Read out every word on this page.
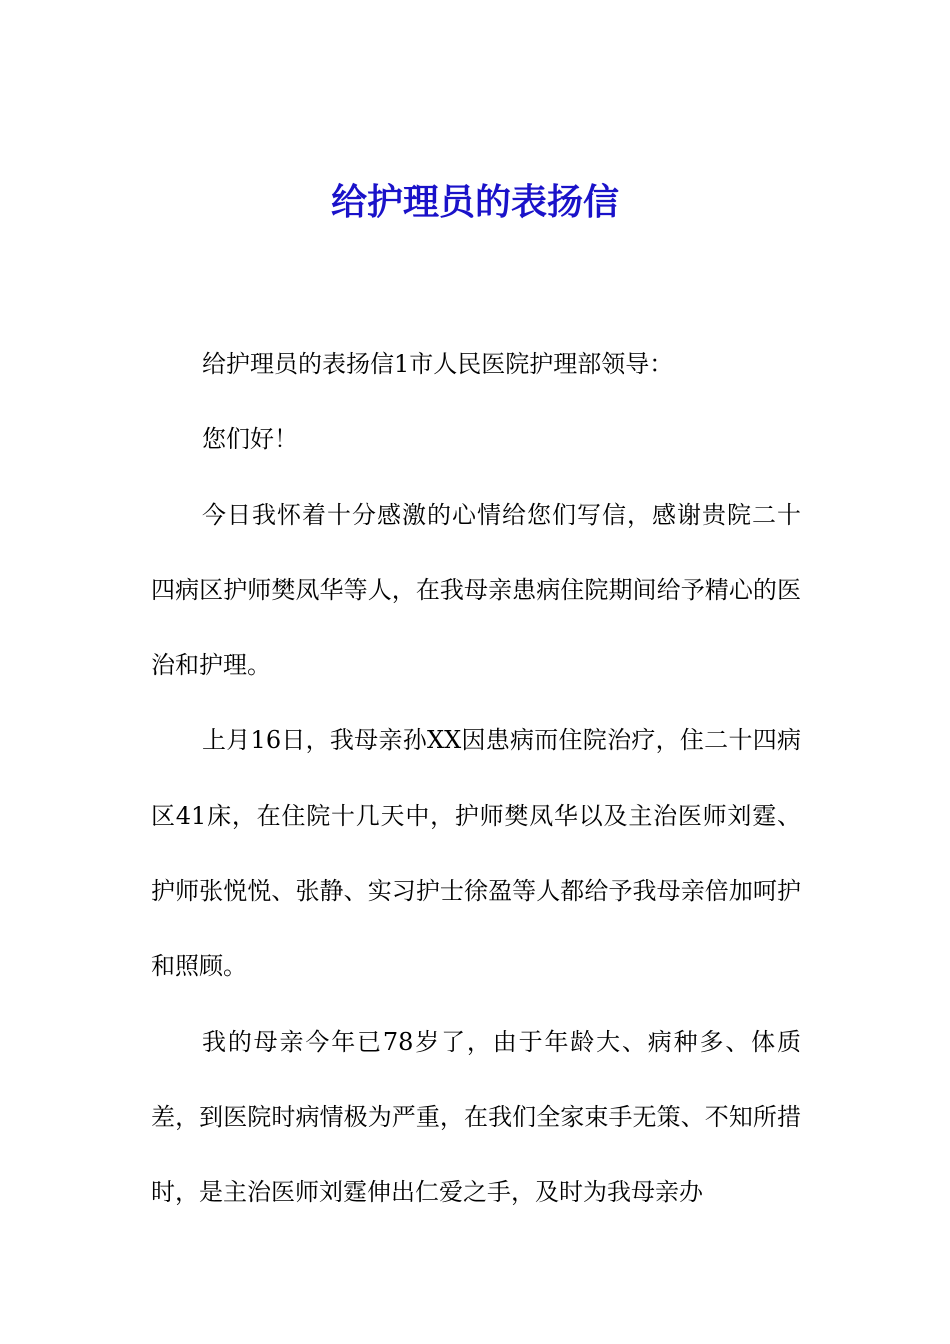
给护理员的表扬信

给护理员的表扬信1市人民医院护理部领导：

您们好！

今日我怀着十分感激的心情给您们写信，感谢贵院二十四病区护师樊凤华等人，在我母亲患病住院期间给予精心的医治和护理。

上月16日，我母亲孙XX因患病而住院治疗，住二十四病区41床，在住院十几天中，护师樊凤华以及主治医师刘霆、护师张悦悦、张静、实习护士徐盈等人都给予我母亲倍加呵护和照顾。

我的母亲今年已78岁了，由于年龄大、病种多、体质差，到医院时病情极为严重，在我们全家束手无策、不知所措时，是主治医师刘霆伸出仁爱之手，及时为我母亲办
